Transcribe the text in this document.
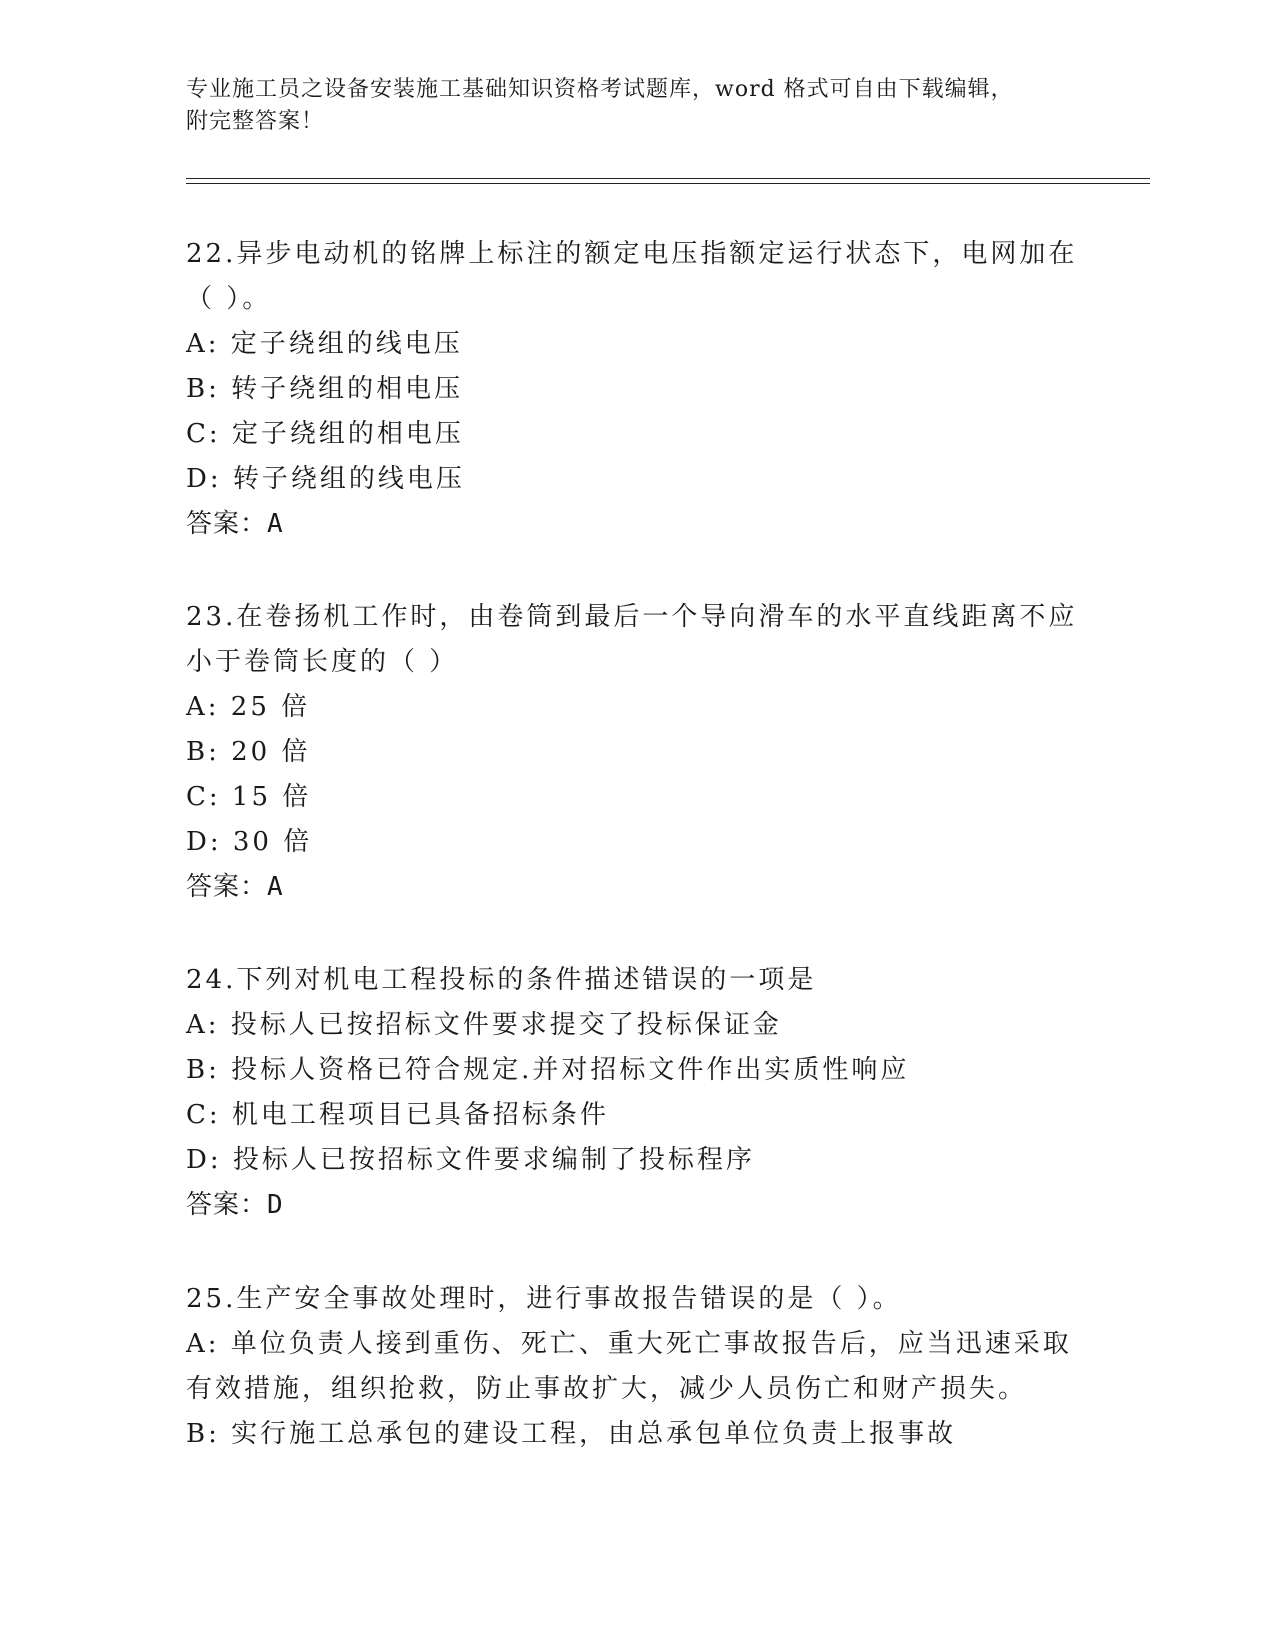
专业施工员之设备安装施工基础知识资格考试题库，word 格式可自由下载编辑，
附完整答案！
22.异步电动机的铭牌上标注的额定电压指额定运行状态下，电网加在
（ ）。
A: 定子绕组的线电压
B: 转子绕组的相电压
C: 定子绕组的相电压
D: 转子绕组的线电压
答案：A
23.在卷扬机工作时，由卷筒到最后一个导向滑车的水平直线距离不应
小于卷筒长度的（ ）
A: 25 倍
B: 20 倍
C: 15 倍
D: 30 倍
答案：A
24.下列对机电工程投标的条件描述错误的一项是
A: 投标人已按招标文件要求提交了投标保证金
B: 投标人资格已符合规定.并对招标文件作出实质性响应
C: 机电工程项目已具备招标条件
D: 投标人已按招标文件要求编制了投标程序
答案：D
25.生产安全事故处理时，进行事故报告错误的是（ ）。
A: 单位负责人接到重伤、死亡、重大死亡事故报告后，应当迅速采取
有效措施，组织抢救，防止事故扩大，减少人员伤亡和财产损失。
B: 实行施工总承包的建设工程，由总承包单位负责上报事故
